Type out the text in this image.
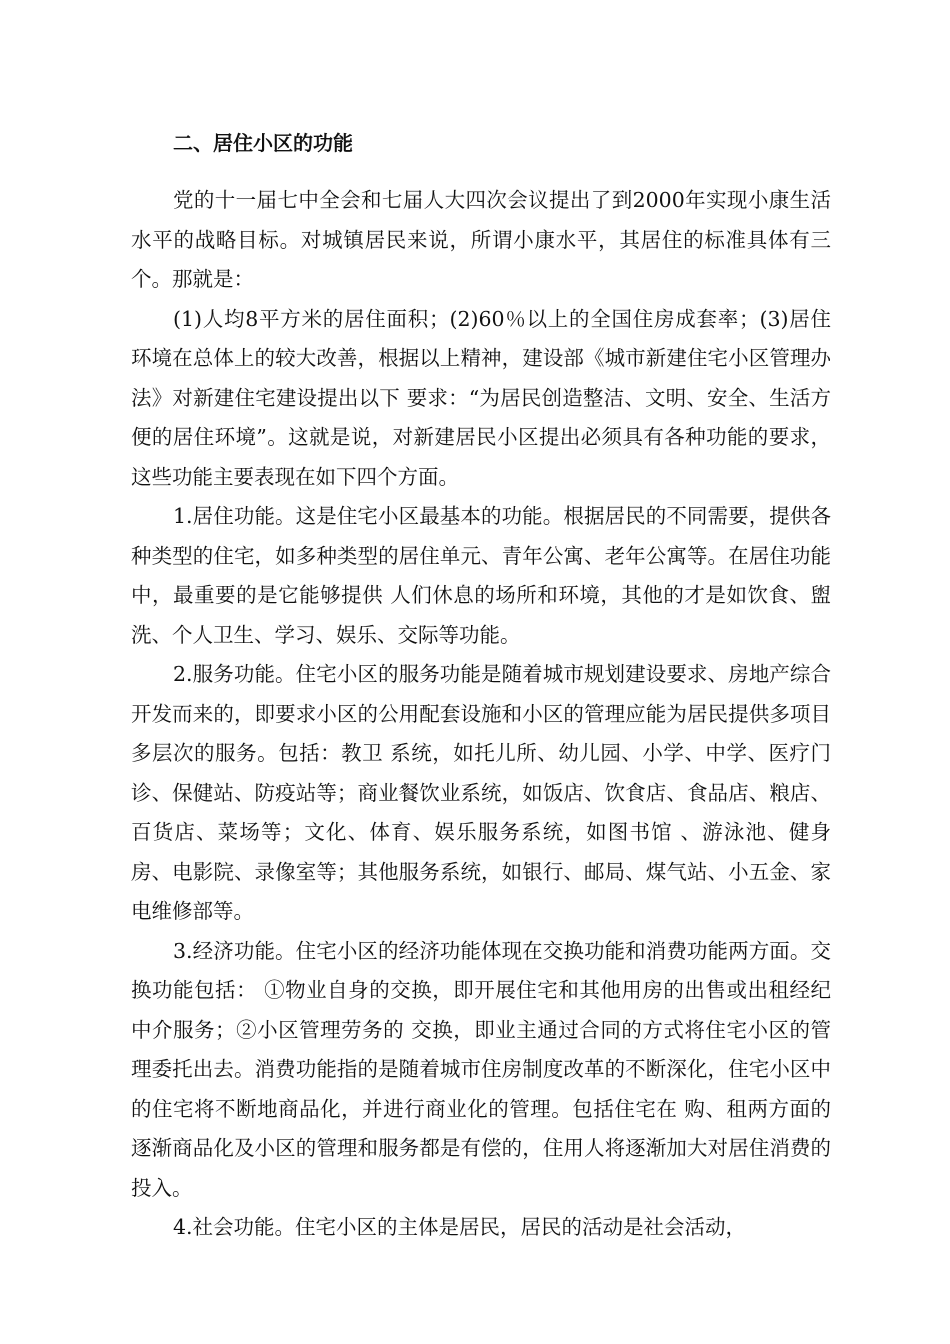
二、居住小区的功能

党的十一届七中全会和七届人大四次会议提出了到2000年实现小康生活水平的战略目标。对城镇居民来说，所谓小康水平，其居住的标准具体有三个。那就是：

(1)人均8平方米的居住面积；(2)60％以上的全国住房成套率；(3)居住环境在总体上的较大改善，根据以上精神，建设部《城市新建住宅小区管理办法》对新建住宅建设提出以下 要求：“为居民创造整洁、文明、安全、生活方便的居住环境”。这就是说，对新建居民小区提出必须具有各种功能的要求，这些功能主要表现在如下四个方面。

1.居住功能。这是住宅小区最基本的功能。根据居民的不同需要，提供各种类型的住宅，如多种类型的居住单元、青年公寓、老年公寓等。在居住功能中，最重要的是它能够提供 人们休息的场所和环境，其他的才是如饮食、盥洗、个人卫生、学习、娱乐、交际等功能。

2.服务功能。住宅小区的服务功能是随着城市规划建设要求、房地产综合开发而来的，即要求小区的公用配套设施和小区的管理应能为居民提供多项目多层次的服务。包括：教卫 系统，如托儿所、幼儿园、小学、中学、医疗门诊、保健站、防疫站等；商业餐饮业系统，如饭店、饮食店、食品店、粮店、百货店、菜场等；文化、体育、娱乐服务系统，如图书馆 、游泳池、健身房、电影院、录像室等；其他服务系统，如银行、邮局、煤气站、小五金、家电维修部等。

3.经济功能。住宅小区的经济功能体现在交换功能和消费功能两方面。交换功能包括： ①物业自身的交换，即开展住宅和其他用房的出售或出租经纪中介服务；②小区管理劳务的 交换，即业主通过合同的方式将住宅小区的管理委托出去。消费功能指的是随着城市住房制度改革的不断深化，住宅小区中的住宅将不断地商品化，并进行商业化的管理。包括住宅在 购、租两方面的逐渐商品化及小区的管理和服务都是有偿的，住用人将逐渐加大对居住消费的投入。

4.社会功能。住宅小区的主体是居民，居民的活动是社会活动，
